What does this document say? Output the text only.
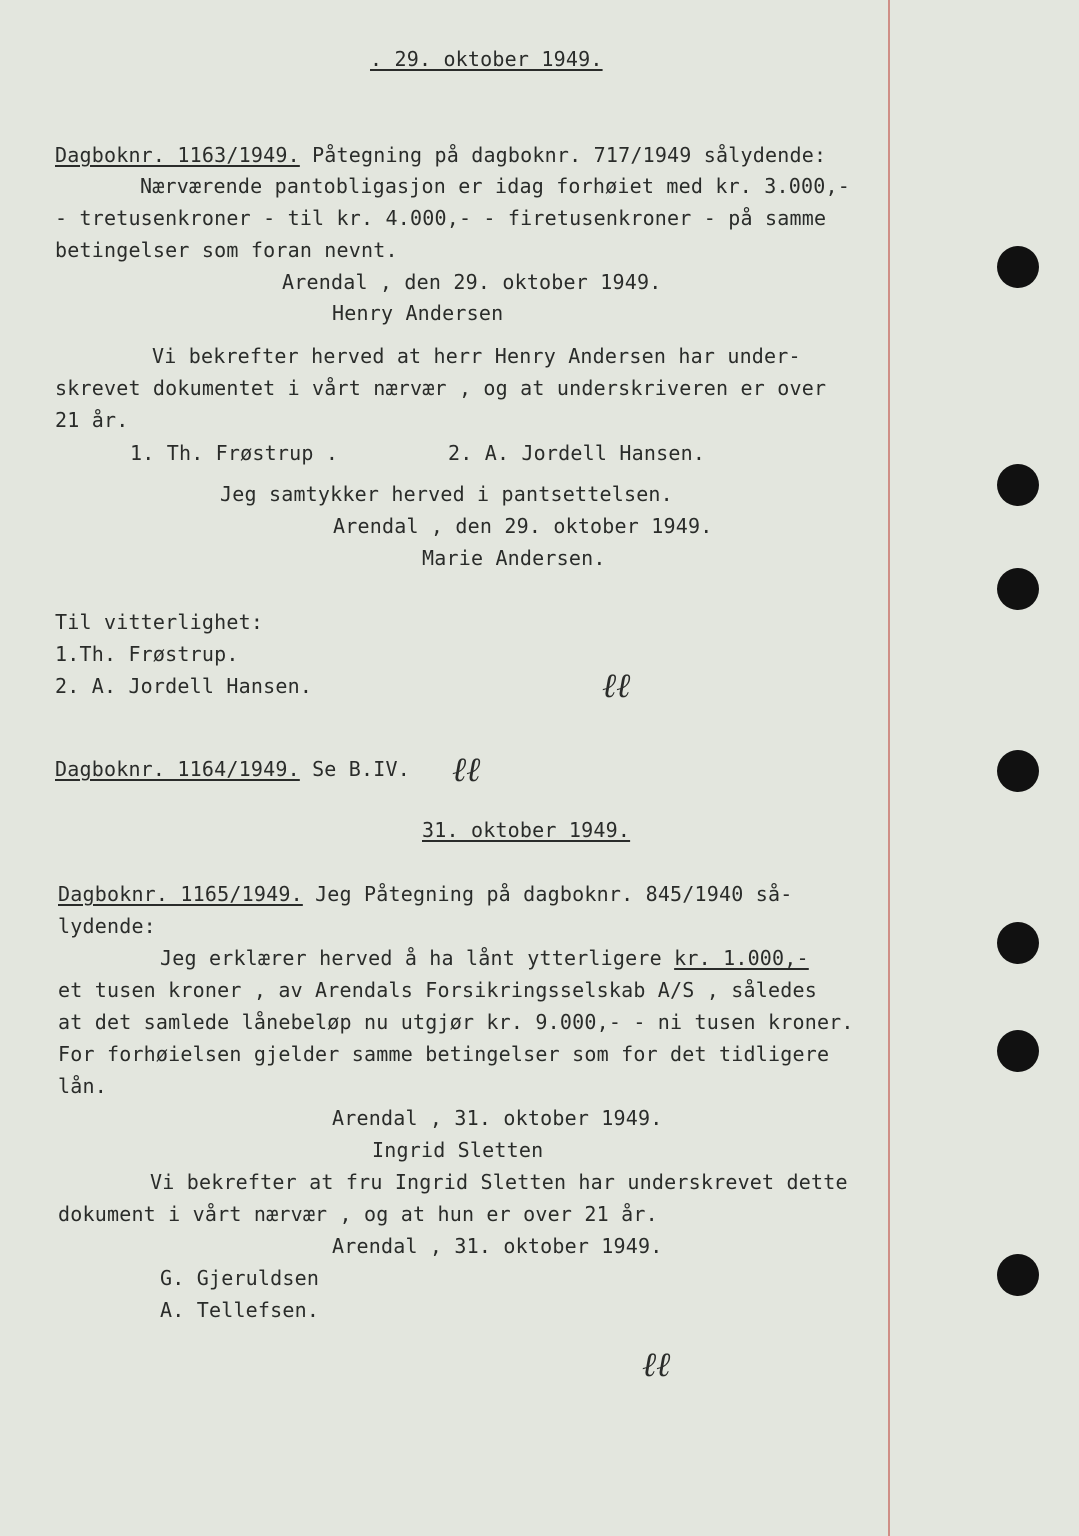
. 29. oktober 1949.
Dagboknr. 1163/1949. Påtegning på dagboknr. 717/1949 sålydende:
Nærværende pantobligasjon er idag forhøiet med kr. 3.000,-
- tretusenkroner - til kr. 4.000,- - firetusenkroner - på samme
betingelser som foran nevnt.
Arendal , den 29. oktober 1949.
Henry Andersen
Vi bekrefter herved at herr Henry Andersen har under-
skrevet dokumentet i vårt nærvær , og at underskriveren er over
21 år.
1. Th. Frøstrup .	2. A. Jordell Hansen.
Jeg samtykker herved i pantsettelsen.
Arendal , den 29. oktober 1949.
Marie Andersen.
Til vitterlighet:
1.Th. Frøstrup.
2. A. Jordell Hansen.	ℓℓ
Dagboknr. 1164/1949. Se B.IV. ℓℓ
31. oktober 1949.
Dagboknr. 1165/1949. Jeg Påtegning på dagboknr. 845/1940 så-
lydende:
Jeg erklærer herved å ha lånt ytterligere kr. 1.000,-
et tusen kroner , av Arendals Forsikringsselskab A/S , således
at det samlede lånebeløp nu utgjør kr. 9.000,- - ni tusen kroner.
For forhøielsen gjelder samme betingelser som for det tidligere
lån.
Arendal , 31. oktober 1949.
Ingrid Sletten
Vi bekrefter at fru Ingrid Sletten har underskrevet dette
dokument i vårt nærvær , og at hun er over 21 år.
Arendal , 31. oktober 1949.
G. Gjeruldsen
A. Tellefsen.
ℓℓ
